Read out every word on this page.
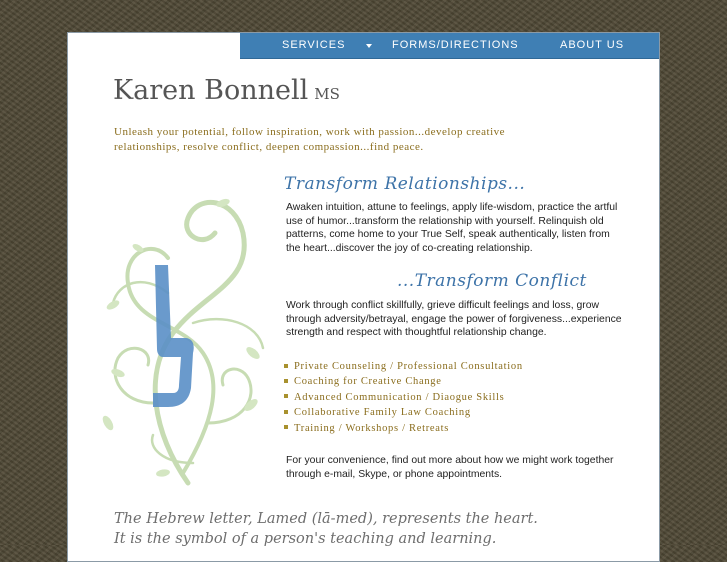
SERVICES	FORMS/DIRECTIONS	ABOUT US
Karen Bonnell MS
Unleash your potential, follow inspiration, work with passion...develop creative relationships, resolve conflict, deepen compassion...find peace.
Transform Relationships...
Awaken intuition, attune to feelings, apply life-wisdom, practice the artful use of humor...transform the relationship with yourself. Relinquish old patterns, come home to your True Self, speak authentically, listen from the heart...discover the joy of co-creating relationship.
...Transform Conflict
Work through conflict skillfully, grieve difficult feelings and loss, grow through adversity/betrayal, engage the power of forgiveness...experience strength and respect with thoughtful relationship change.
Private Counseling / Professional Consultation
Coaching for Creative Change
Advanced Communication / Diaogue Skills
Collaborative Family Law Coaching
Training / Workshops / Retreats
For your convenience, find out more about how we might work together through e-mail, Skype, or phone appointments.
The Hebrew letter, Lamed (lā-med), represents the heart.
It is the symbol of a person's teaching and learning.
